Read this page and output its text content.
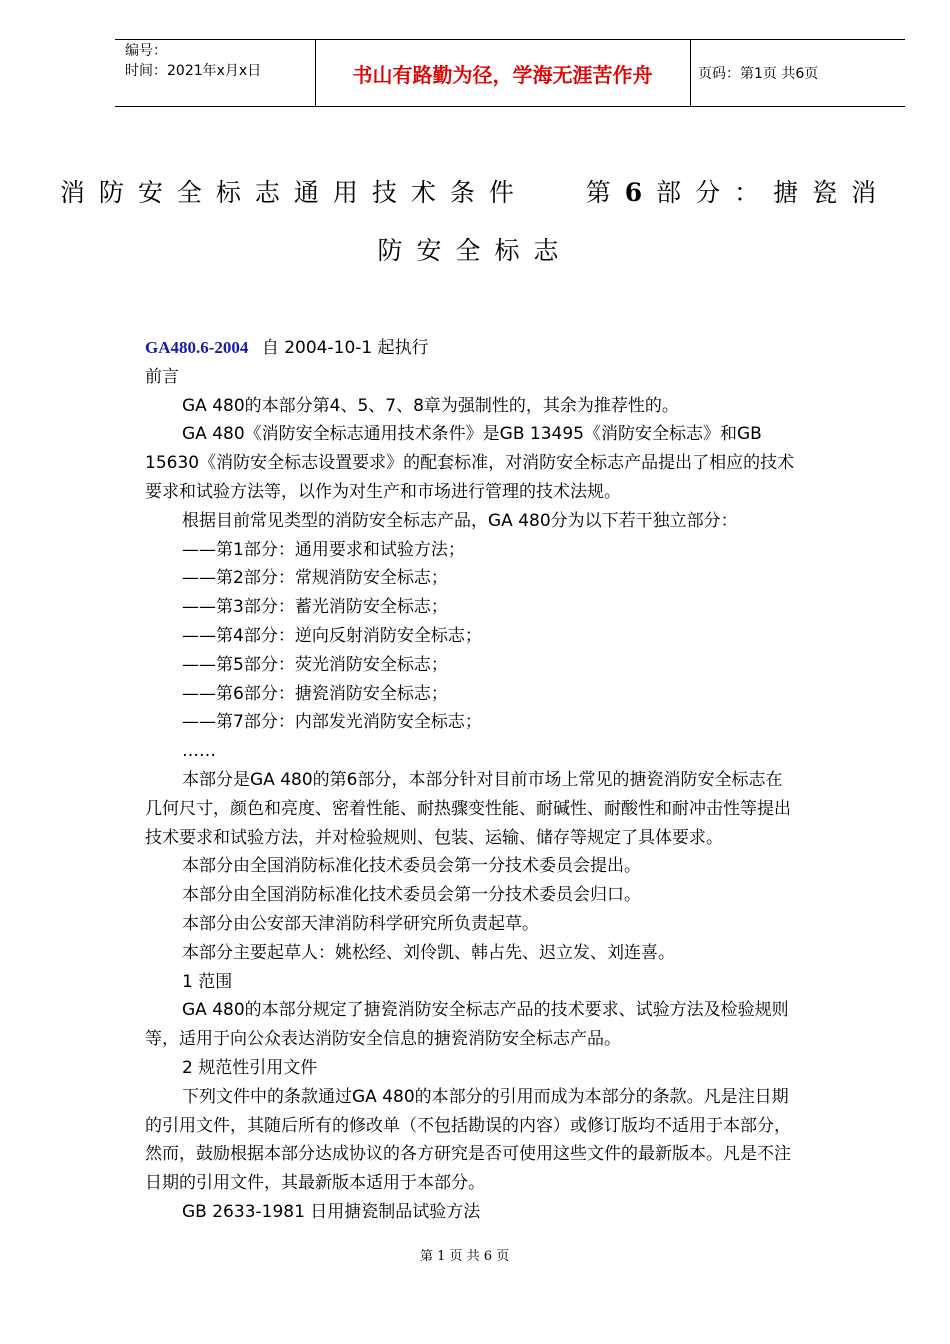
编号：
时间：2021年x月x日	书山有路勤为径，学海无涯苦作舟	页码：第1页 共6页
消防安全标志通用技术条件 第6部分：搪瓷消
防安全标志

GA480.6-2004 自 2004-10-1 起执行

前言

GA 480的本部分第4、5、7、8章为强制性的，其余为推荐性的。

GA 480《消防安全标志通用技术条件》是GB 13495《消防安全标志》和GB

15630《消防安全标志设置要求》的配套标准，对消防安全标志产品提出了相应的技术

要求和试验方法等，以作为对生产和市场进行管理的技术法规。

根据目前常见类型的消防安全标志产品，GA 480分为以下若干独立部分：

——第1部分：通用要求和试验方法；

——第2部分：常规消防安全标志；

——第3部分：蓄光消防安全标志；

——第4部分：逆向反射消防安全标志；

——第5部分：荧光消防安全标志；

——第6部分：搪瓷消防安全标志；

——第7部分：内部发光消防安全标志；

……

本部分是GA 480的第6部分，本部分针对目前市场上常见的搪瓷消防安全标志在

几何尺寸，颜色和亮度、密着性能、耐热骤变性能、耐碱性、耐酸性和耐冲击性等提出

技术要求和试验方法，并对检验规则、包装、运输、储存等规定了具体要求。

本部分由全国消防标准化技术委员会第一分技术委员会提出。

本部分由全国消防标准化技术委员会第一分技术委员会归口。

本部分由公安部天津消防科学研究所负责起草。

本部分主要起草人：姚松经、刘伶凯、韩占先、迟立发、刘连喜。

1 范围

GA 480的本部分规定了搪瓷消防安全标志产品的技术要求、试验方法及检验规则

等，适用于向公众表达消防安全信息的搪瓷消防安全标志产品。

2 规范性引用文件

下列文件中的条款通过GA 480的本部分的引用而成为本部分的条款。凡是注日期

的引用文件，其随后所有的修改单（不包括勘误的内容）或修订版均不适用于本部分，

然而，鼓励根据本部分达成协议的各方研究是否可使用这些文件的最新版本。凡是不注

日期的引用文件，其最新版本适用于本部分。

GB 2633-1981 日用搪瓷制品试验方法

第 1 页 共 6 页
